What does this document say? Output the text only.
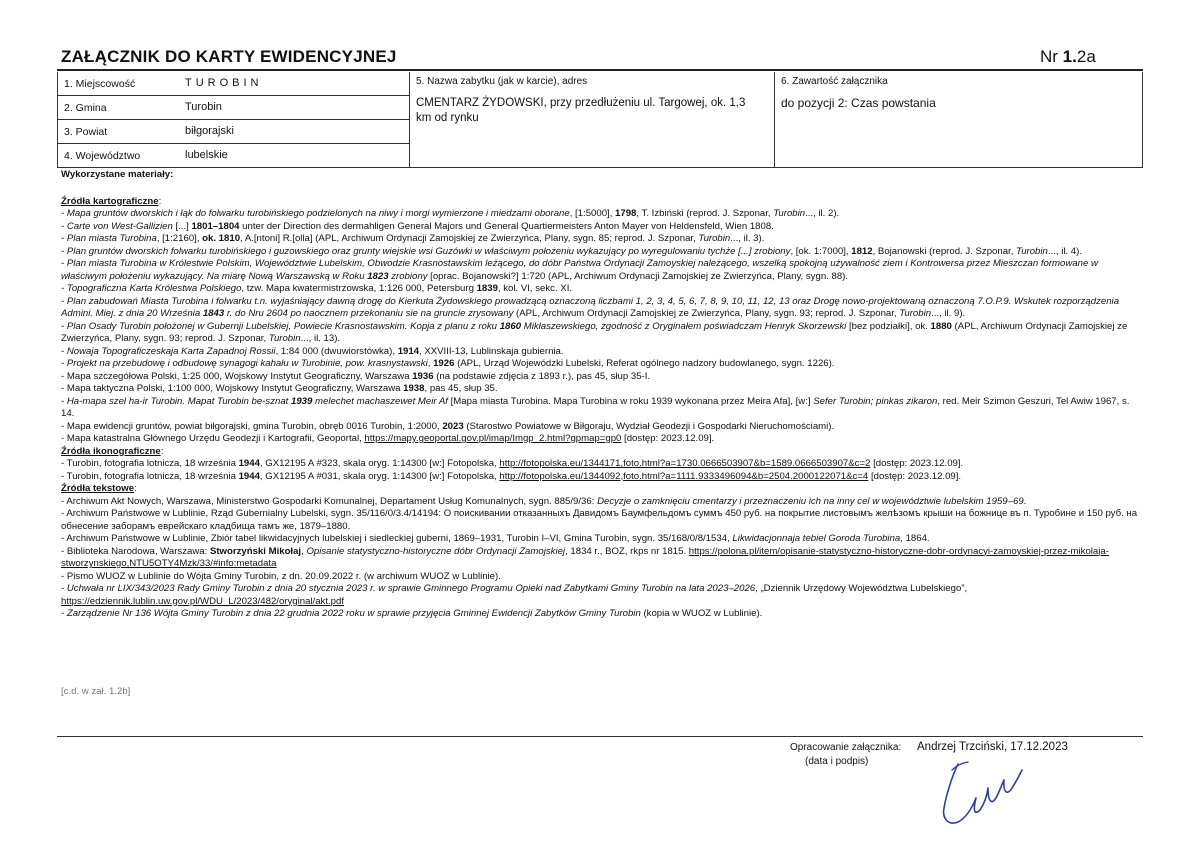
ZAŁĄCZNIK DO KARTY EWIDENCYJNEJ	Nr 1.2a
1. Miejscowość	TUROBIN
2. Gmina	Turobin
3. Powiat	biłgorajski
4. Województwo	lubelskie
5. Nazwa zabytku (jak w karcie), adres
CMENTARZ ŻYDOWSKI, przy przedłużeniu ul. Targowej, ok. 1,3 km od rynku
6. Zawartość załącznika
do pozycji 2: Czas powstania

Wykorzystane materiały:

Źródła kartograficzne:

- Mapa gruntów dworskich i łąk do folwarku turobińskiego podzielonych na niwy i morgi wymierzone i miedzami oborane, [1:5000], 1798, T. Izbiński (reprod. J. Szponar, Turobin..., il. 2).

- Carte von West-Gallizien [...] 1801–1804 unter der Direction des dermahligen General Majors und General Quartiermeisters Anton Mayer von Heldensfeld, Wien 1808.

- Plan miasta Turobina, [1:2160], ok. 1810, A.[ntoni] R.[olla] (APL, Archiwum Ordynacji Zamojskiej ze Zwierzyńca, Plany, sygn. 85; reprod. J. Szponar, Turobin..., il. 3).

- Plan gruntów dworskich folwarku turobińskiego i guzowskiego oraz grunty wiejskie wsi Guzówki w właściwym położeniu wykazujący po wyregulowaniu tychże [...] zrobiony, [ok. 1:7000], 1812, Bojanowski (reprod. J. Szponar, Turobin..., il. 4).

- Plan miasta Turobina w Królestwie Polskim, Województwie Lubelskim, Obwodzie Krasnostawskim leżącego, do dóbr Państwa Ordynacji Zamoyskiej należącego, wszelką spokojną używalność ziem i Kontrowersa przez Mieszczan formowane w właściwym położeniu wykazujący. Na miarę Nową Warszawską w Roku 1823 zrobiony [oprac. Bojanowski?] 1:720 (APL, Archiwum Ordynacji Zamojskiej ze Zwierzyńca, Plany, sygn. 88).

- Topograficzna Karta Królestwa Polskiego, tzw. Mapa kwatermistrzowska, 1:126 000, Petersburg 1839, kol. VI, sekc. XI.

- Plan zabudowań Miasta Turobina i folwarku t.n. wyjaśniający dawną drogę do Kierkuta Żydowskiego prowadzącą oznaczoną liczbami 1, 2, 3, 4, 5, 6, 7, 8, 9, 10, 11, 12, 13 oraz Drogę nowo-projektowaną oznaczoną 7.O.P.9. Wskutek rozporządzenia Admini. Miej. z dnia 20 Września 1843 r. do Nru 2604 po naocznem przekonaniu sie na gruncie zrysowany (APL, Archiwum Ordynacji Zamojskiej ze Zwierzyńca, Plany, sygn. 93; reprod. J. Szponar, Turobin..., il. 9).

- Plan Osady Turobin położonej w Gubernji Lubelskiej, Powiecie Krasnostawskim. Kopja z planu z roku 1860 Mikłaszewskiego, zgodność z Oryginałem poświadczam Henryk Skorzewski [bez podziałki], ok. 1880 (APL, Archiwum Ordynacji Zamojskiej ze Zwierzyńca, Plany, sygn. 93; reprod. J. Szponar, Turobin..., il. 13).

- Nowaja Topograficzeskaja Karta Zapadnoj Rossii, 1:84 000 (dwuwiorstówka), 1914, XXVIII-13, Lublinskaja gubiernia.

- Projekt na przebudowę i odbudowę synagogi kahału w Turobinie, pow. krasnystawski, 1926 (APL, Urząd Wojewódzki Lubelski, Referat ogólnego nadzory budowlanego, sygn. 1226).

- Mapa szczegółowa Polski, 1:25 000, Wojskowy Instytut Geograficzny, Warszawa 1936 (na podstawie zdjęcia z 1893 r.), pas 45, słup 35-I.

- Mapa taktyczna Polski, 1:100 000, Wojskowy Instytut Geograficzny, Warszawa 1938, pas 45, słup 35.

- Ha-mapa szel ha-ir Turobin. Mapat Turobin be-sznat 1939 melechet machaszewet Meir Af [Mapa miasta Turobina. Mapa Turobina w roku 1939 wykonana przez Meira Afa], [w:] Sefer Turobin; pinkas zikaron, red. Meir Szimon Geszuri, Tel Awiw 1967, s. 14.

- Mapa ewidencji gruntów, powiat biłgorajski, gmina Turobin, obręb 0016 Turobin, 1:2000, 2023 (Starostwo Powiatowe w Biłgoraju, Wydział Geodezji i Gospodarki Nieruchomościami).

- Mapa katastralna Głównego Urzędu Geodezji i Kartografii, Geoportal, https://mapy.geoportal.gov.pl/imap/Imgp_2.html?gpmap=gp0 [dostęp: 2023.12.09].

Źródła ikonograficzne:

- Turobin, fotografia lotnicza, 18 września 1944, GX12195 A #323, skala oryg. 1:14300 [w:] Fotopolska, http://fotopolska.eu/1344171,foto.html?a=1730.0666503907&b=1589.0666503907&c=2 [dostęp: 2023.12.09].

- Turobin, fotografia lotnicza, 18 września 1944, GX12195 A #031, skala oryg. 1:14300 [w:] Fotopolska, http://fotopolska.eu/1344092,foto.html?a=1111.9333496094&b=2504.2000122071&c=4 [dostęp: 2023.12.09].

Źródła tekstowe:

- Archiwum Akt Nowych, Warszawa, Ministerstwo Gospodarki Komunalnej, Departament Usług Komunalnych, sygn. 885/9/36: Decyzje o zamknięciu cmentarzy i przeznaczeniu ich na inny cel w województwie lubelskim 1959–69.

- Archiwum Państwowe w Lublinie, Rząd Gubernialny Lubelski, sygn. 35/116/0/3.4/14194: О поискивании отказанныхъ Давидомъ Баумфельдомъ суммъ 450 руб. на покрытие листовымъ желѣзомъ крыши на божнице въ п. Туробине и 150 руб. на обнесение заборамъ еврейскаго кладбища тамъ же, 1879–1880.

- Archiwum Państwowe w Lublinie, Zbiór tabel likwidacyjnych lubelskiej i siedleckiej guberni, 1869–1931, Turobin I–VI, Gmina Turobin, sygn. 35/168/0/8/1534, Likwidacjonnaja tebiel Goroda Turobina, 1864.

- Biblioteka Narodowa, Warszawa: Stworzyński Mikołaj, Opisanie statystyczno-historyczne dóbr Ordynacji Zamojskiej, 1834 r., BOZ, rkps nr 1815. https://polona.pl/item/opisanie-statystyczno-historyczne-dobr-ordynacyi-zamoyskiej-przez-mikolaja-stworzynskiego,NTU5OTY4Mzk/33/#info:metadata

- Pismo WUOZ w Lublinie do Wójta Gminy Turobin, z dn. 20.09.2022 r. (w archiwum WUOZ w Lublinie).

- Uchwała nr LIX/343/2023 Rady Gminy Turobin z dnia 20 stycznia 2023 r. w sprawie Gminnego Programu Opieki nad Zabytkami Gminy Turobin na lata 2023–2026, „Dziennik Urzędowy Województwa Lubelskiego”, https://edziennik.lublin.uw.gov.pl/WDU_L/2023/482/oryginal/akt.pdf

- Zarządzenie Nr 136 Wójta Gminy Turobin z dnia 22 grudnia 2022 roku w sprawie przyjęcia Gminnej Ewidencji Zabytków Gminy Turobin (kopia w WUOZ w Lublinie).

[c.d. w zał. 1.2b]
Opracowanie załącznika: Andrzej Trzciński, 17.12.2023
(data i podpis)
